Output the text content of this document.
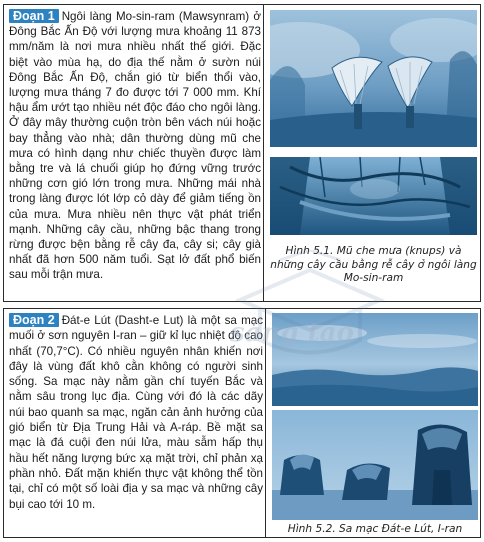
Đoạn 1 Ngôi làng Mo-sin-ram (Mawsynram) ở Đông Bắc Ấn Độ với lượng mưa khoảng 11 873 mm/năm là nơi mưa nhiều nhất thế giới. Đặc biệt vào mùa hạ, do địa thế nằm ở sườn núi Đông Bắc Ấn Độ, chắn gió từ biển thổi vào, lượng mưa tháng 7 đo được tới 7 000 mm. Khí hậu ẩm ướt tạo nhiều nét độc đáo cho ngôi làng. Ở đây mây thường cuộn tròn bên vách núi hoặc bay thẳng vào nhà; dân thường dùng mũ che mưa có hình dạng như chiếc thuyền được làm bằng tre và lá chuối giúp họ đứng vững trước những cơn gió lớn trong mưa. Những mái nhà trong làng được lót lớp cỏ dày để giảm tiếng ồn của mưa. Mưa nhiều nên thực vật phát triển mạnh. Những cây cầu, những bậc thang trong rừng được bện bằng rễ cây đa, cây si; cây già nhất đã hơn 500 năm tuổi. Sạt lở đất phổ biến sau mỗi trận mưa.
Hình 5.1. Mũ che mưa (knups) và những cây cầu bằng rễ cây ở ngôi làng Mo-sin-ram
Đoạn 2 Đát-e Lút (Dasht-e Lut) là một sa mạc muối ở sơn nguyên I-ran – giữ kỉ lục nhiệt độ cao nhất (70,7°C). Có nhiều nguyên nhân khiến nơi đây là vùng đất khô cằn không có người sinh sống. Sa mạc này nằm gần chí tuyến Bắc và nằm sâu trong lục địa. Cùng với đó là các dãy núi bao quanh sa mạc, ngăn cản ảnh hưởng của gió biển từ Địa Trung Hải và A-ráp. Bề mặt sa mạc là đá cuội đen núi lửa, màu sẫm hấp thụ hầu hết năng lượng bức xạ mặt trời, chỉ phản xạ phần nhỏ. Đất mặn khiến thực vật không thể tồn tại, chỉ có một số loài địa y sa mạc và những cây bụi cao tới 10 m.
Hình 5.2. Sa mạc Đát-e Lút, I-ran
sáng tạo
